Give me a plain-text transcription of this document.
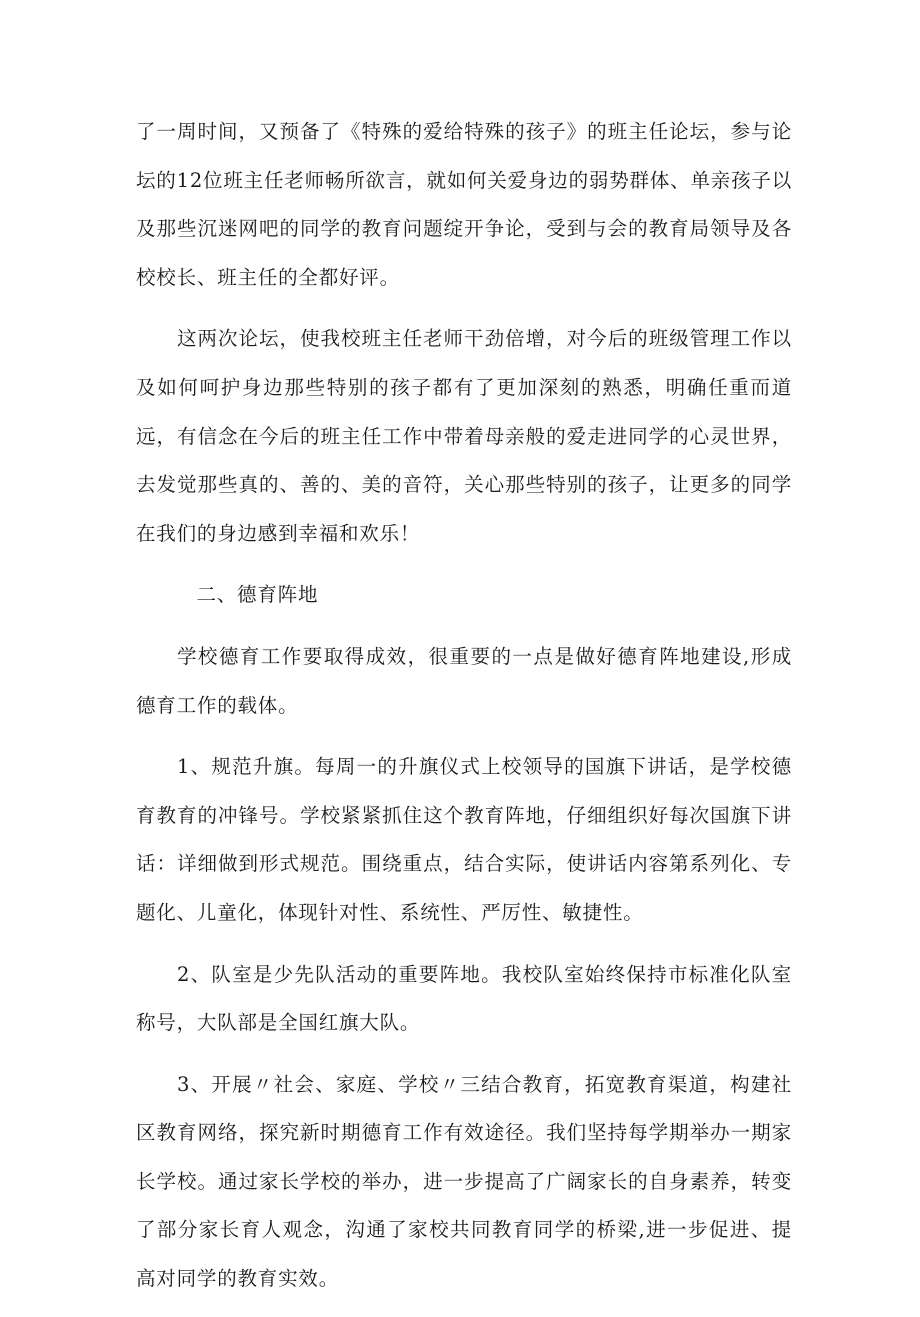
了一周时间，又预备了《特殊的爱给特殊的孩子》的班主任论坛，参与论坛的12位班主任老师畅所欲言，就如何关爱身边的弱势群体、单亲孩子以及那些沉迷网吧的同学的教育问题绽开争论，受到与会的教育局领导及各校校长、班主任的全都好评。

这两次论坛，使我校班主任老师干劲倍增，对今后的班级管理工作以及如何呵护身边那些特别的孩子都有了更加深刻的熟悉，明确任重而道远，有信念在今后的班主任工作中带着母亲般的爱走进同学的心灵世界，去发觉那些真的、善的、美的音符，关心那些特别的孩子，让更多的同学在我们的身边感到幸福和欢乐！

二、德育阵地

学校德育工作要取得成效，很重要的一点是做好德育阵地建设,形成德育工作的载体。

1、规范升旗。每周一的升旗仪式上校领导的国旗下讲话，是学校德育教育的冲锋号。学校紧紧抓住这个教育阵地，仔细组织好每次国旗下讲话：详细做到形式规范。围绕重点，结合实际，使讲话内容第系列化、专题化、儿童化，体现针对性、系统性、严厉性、敏捷性。

2、队室是少先队活动的重要阵地。我校队室始终保持市标准化队室称号，大队部是全国红旗大队。

3、开展〃社会、家庭、学校〃三结合教育，拓宽教育渠道，构建社区教育网络，探究新时期德育工作有效途径。我们坚持每学期举办一期家长学校。通过家长学校的举办，进一步提高了广阔家长的自身素养，转变了部分家长育人观念，沟通了家校共同教育同学的桥梁,进一步促进、提高对同学的教育实效。
